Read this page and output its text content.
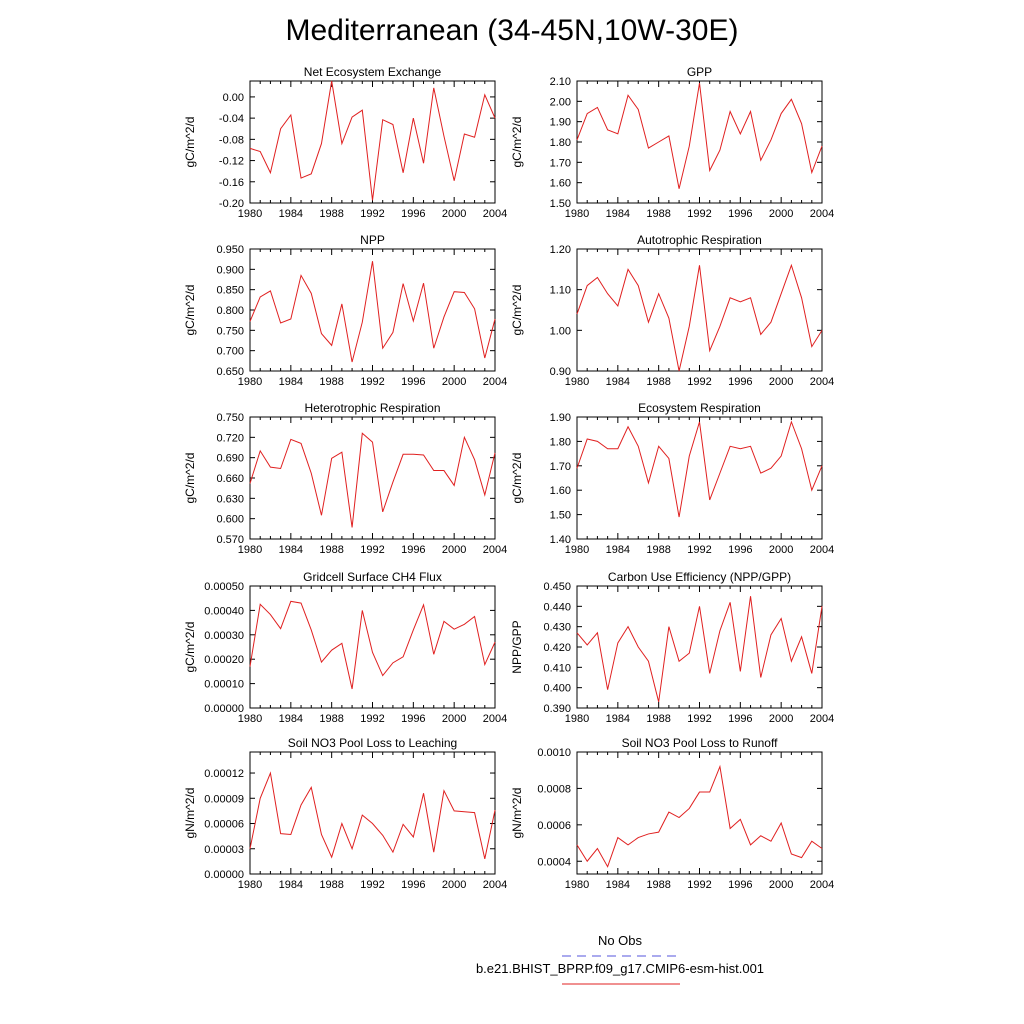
Mediterranean (34-45N,10W-30E)
Net Ecosystem Exchange
gC/m^2/d
0.00
-0.04
-0.08
-0.12
-0.16
-0.20
1980 1984 1988 1992 1996 2000 2004
GPP
gC/m^2/d
2.10
2.00
1.90
1.80
1.70
1.60
1.50
1980 1984 1988 1992 1996 2000 2004
NPP
gC/m^2/d
0.950
0.900
0.850
0.800
0.750
0.700
0.650
1980 1984 1988 1992 1996 2000 2004
Autotrophic Respiration
gC/m^2/d
1.20
1.10
1.00
0.90
1980 1984 1988 1992 1996 2000 2004
Heterotrophic Respiration
gC/m^2/d
0.750
0.720
0.690
0.660
0.630
0.600
0.570
1980 1984 1988 1992 1996 2000 2004
Ecosystem Respiration
gC/m^2/d
1.90
1.80
1.70
1.60
1.50
1.40
1980 1984 1988 1992 1996 2000 2004
Gridcell Surface CH4 Flux
gC/m^2/d
0.00050
0.00040
0.00030
0.00020
0.00010
0.00000
1980 1984 1988 1992 1996 2000 2004
Carbon Use Efficiency (NPP/GPP)
NPP/GPP
0.450
0.440
0.430
0.420
0.410
0.400
0.390
1980 1984 1988 1992 1996 2000 2004
Soil NO3 Pool Loss to Leaching
gN/m^2/d
0.00012
0.00009
0.00006
0.00003
0.00000
1980 1984 1988 1992 1996 2000 2004
Soil NO3 Pool Loss to Runoff
gN/m^2/d
0.0010
0.0008
0.0006
0.0004
1980 1984 1988 1992 1996 2000 2004
No Obs
b.e21.BHIST_BPRP.f09_g17.CMIP6-esm-hist.001
